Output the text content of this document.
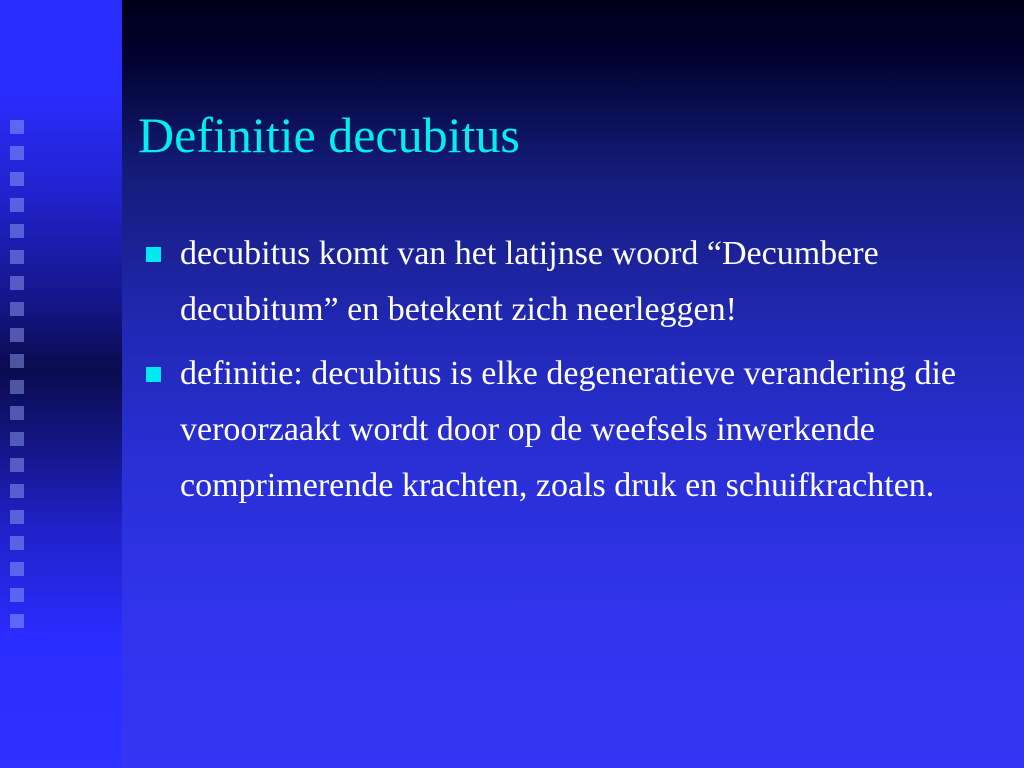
Definitie decubitus
decubitus komt van het latijnse woord “Decumbere decubitum” en betekent zich neerleggen!
definitie: decubitus is elke degeneratieve verandering die veroorzaakt wordt door op de weefsels inwerkende comprimerende krachten, zoals druk en schuifkrachten.
